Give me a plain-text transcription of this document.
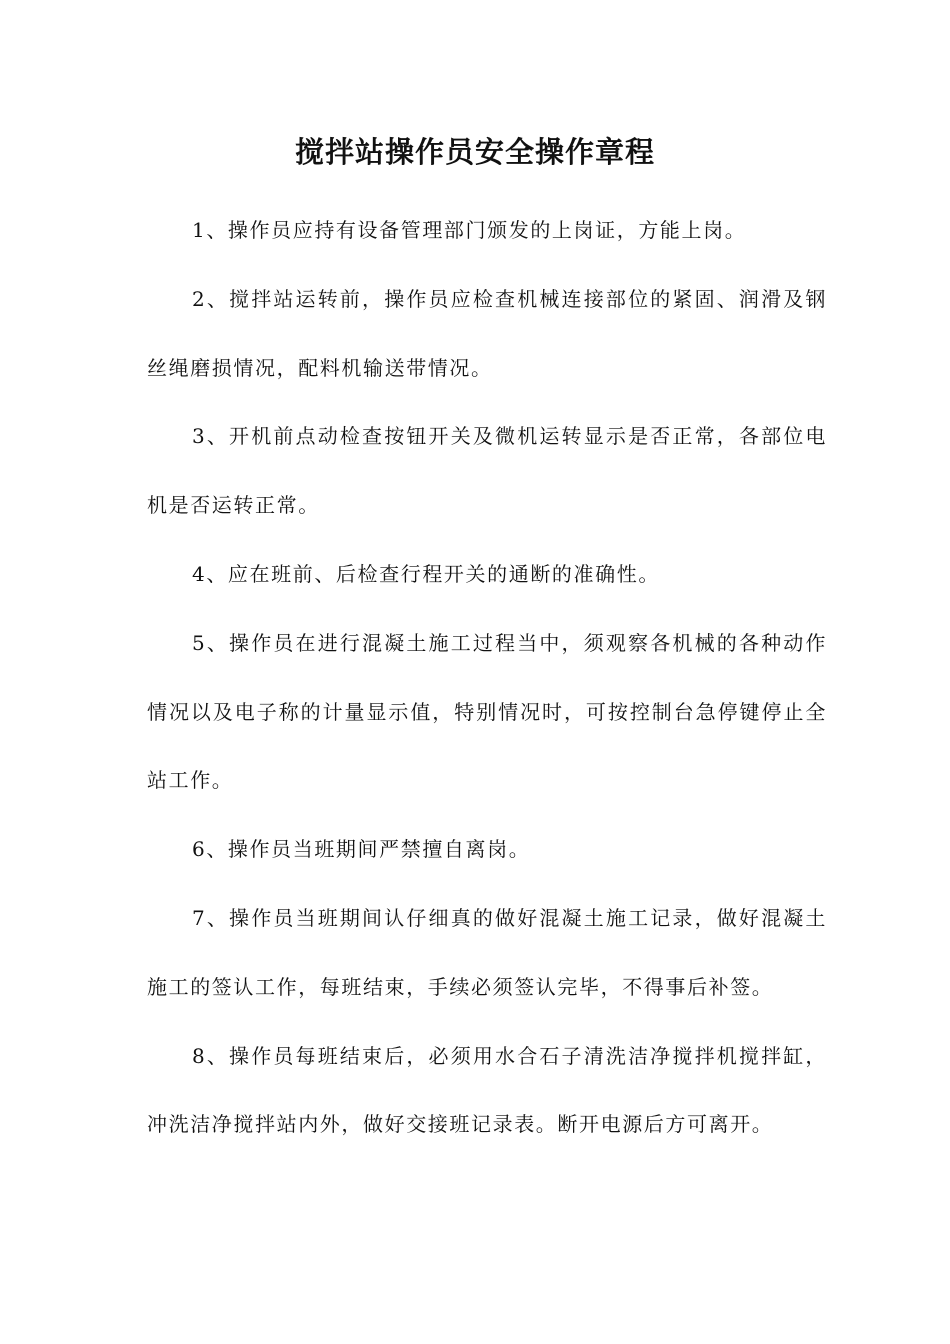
搅拌站操作员安全操作章程

1、操作员应持有设备管理部门颁发的上岗证，方能上岗。

2、搅拌站运转前，操作员应检查机械连接部位的紧固、润滑及钢丝绳磨损情况，配料机输送带情况。

3、开机前点动检查按钮开关及微机运转显示是否正常，各部位电机是否运转正常。

4、应在班前、后检查行程开关的通断的准确性。

5、操作员在进行混凝土施工过程当中，须观察各机械的各种动作情况以及电子称的计量显示值，特别情况时，可按控制台急停键停止全站工作。

6、操作员当班期间严禁擅自离岗。

7、操作员当班期间认仔细真的做好混凝土施工记录，做好混凝土施工的签认工作，每班结束，手续必须签认完毕，不得事后补签。

8、操作员每班结束后，必须用水合石子清洗洁净搅拌机搅拌缸，冲洗洁净搅拌站内外，做好交接班记录表。断开电源后方可离开。
